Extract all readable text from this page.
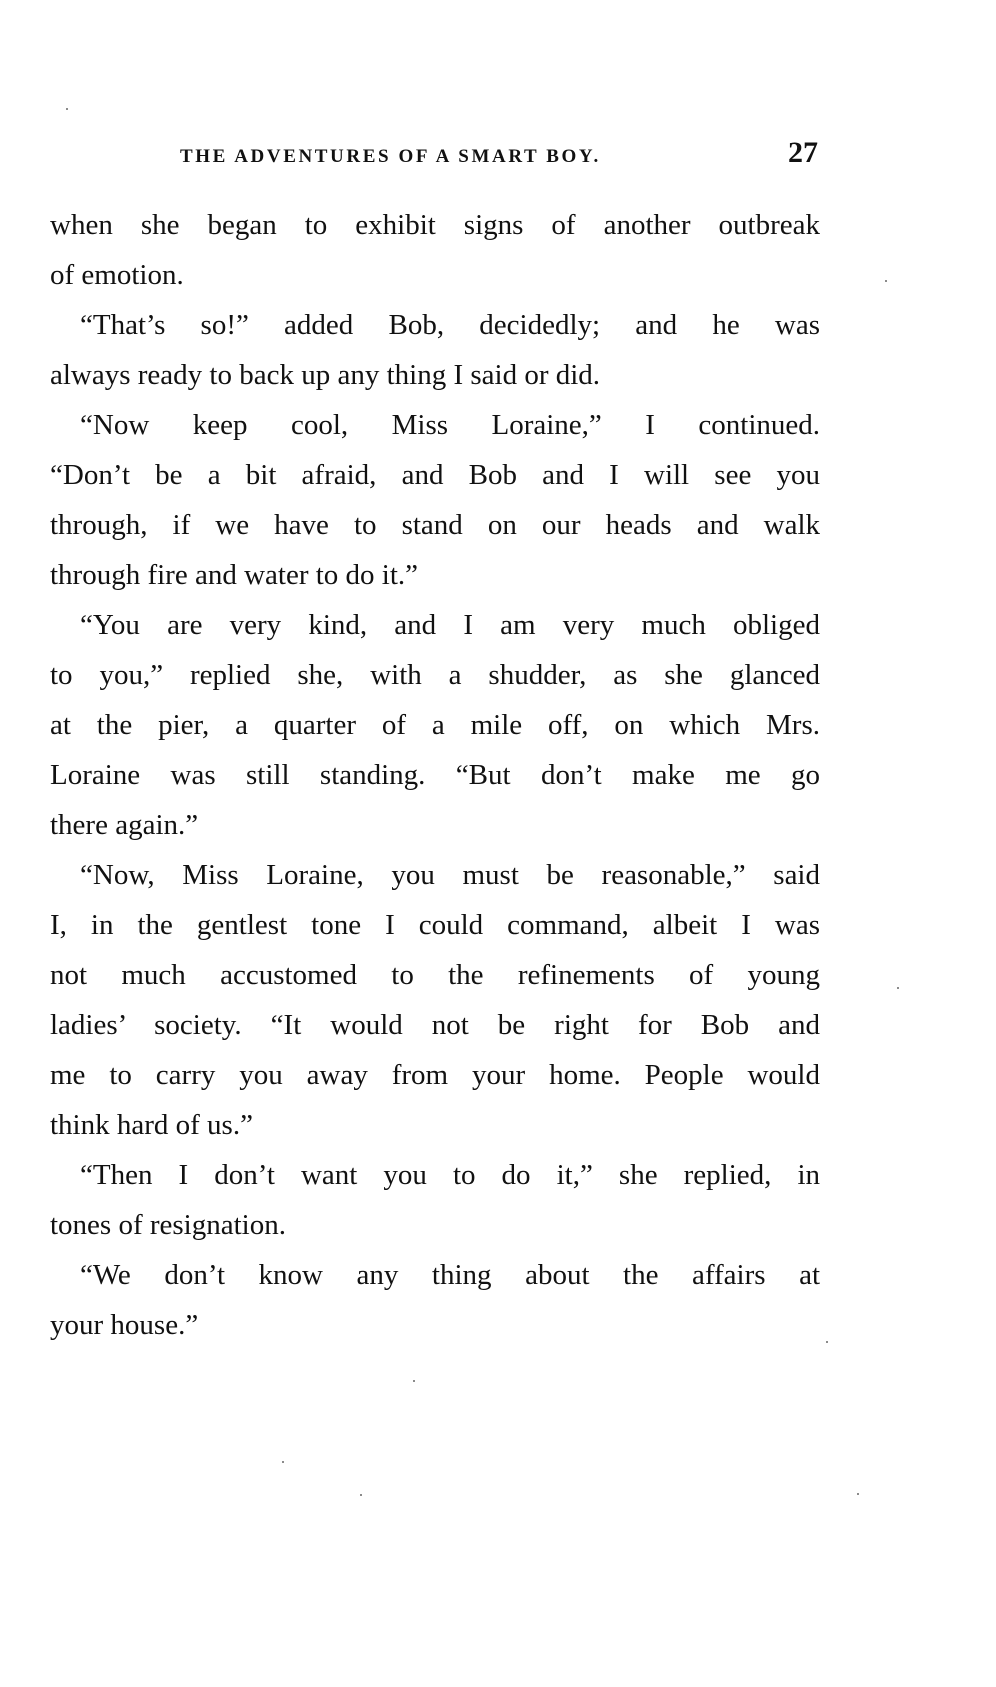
THE ADVENTURES OF A SMART BOY.	27
when she began to exhibit signs of another outbreak
of emotion.
“That’s so!” added Bob, decidedly; and he was
always ready to back up any thing I said or did.
“Now keep cool, Miss Loraine,” I continued.
“Don’t be a bit afraid, and Bob and I will see you
through, if we have to stand on our heads and walk
through fire and water to do it.”
“You are very kind, and I am very much obliged
to you,” replied she, with a shudder, as she glanced
at the pier, a quarter of a mile off, on which Mrs.
Loraine was still standing. “But don’t make me go
there again.”
“Now, Miss Loraine, you must be reasonable,” said
I, in the gentlest tone I could command, albeit I was
not much accustomed to the refinements of young
ladies’ society. “It would not be right for Bob and
me to carry you away from your home. People would
think hard of us.”
“Then I don’t want you to do it,” she replied, in
tones of resignation.
“We don’t know any thing about the affairs at
your house.”
